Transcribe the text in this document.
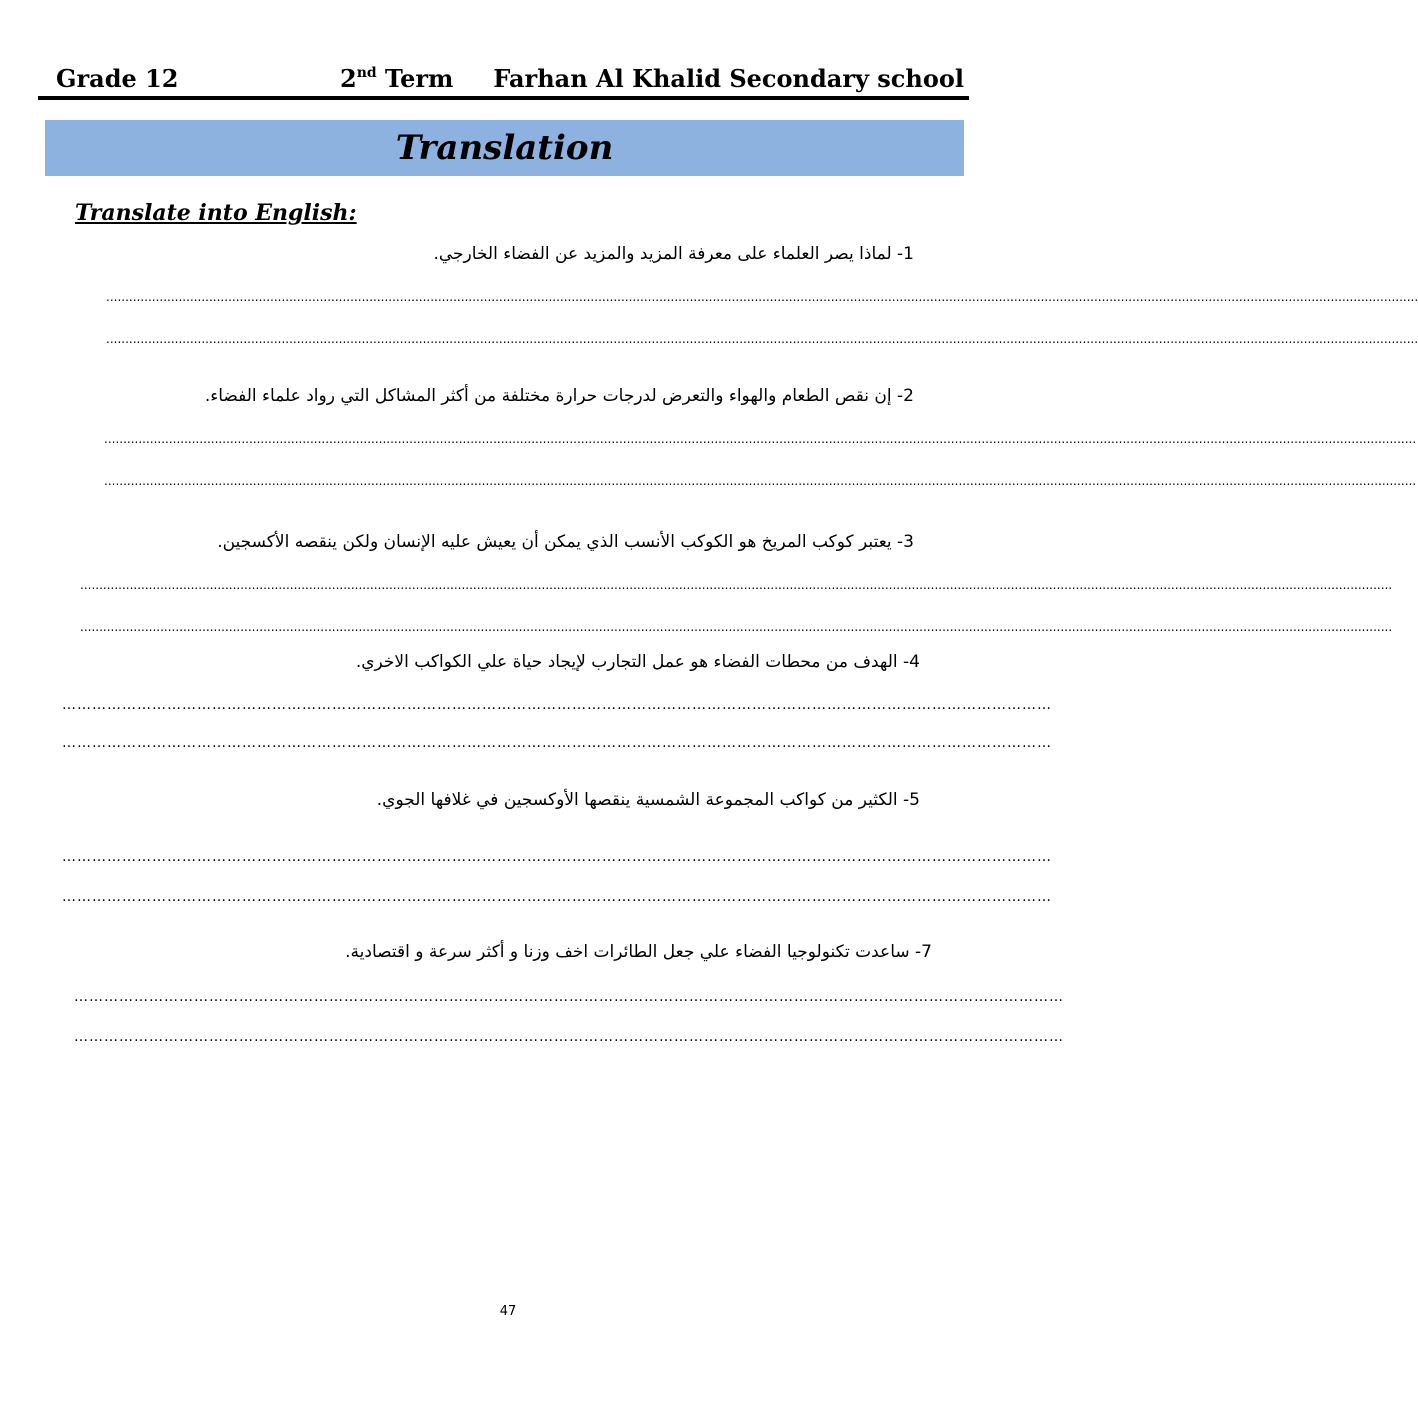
Grade 12	2nd Term Farhan Al Khalid Secondary school
Translation
Translate into English:
1- لماذا يصر العلماء على معرفة المزيد والمزيد عن الفضاء الخارجي.
........................................................................................................................................................................................................................................................................................................................................................
........................................................................................................................................................................................................................................................................................................................................................
2- إن نقص الطعام والهواء والتعرض لدرجات حرارة مختلفة من أكثر المشاكل التي رواد علماء الفضاء.
........................................................................................................................................................................................................................................................................................................................................................
........................................................................................................................................................................................................................................................................................................................................................
3- يعتبر كوكب المريخ هو الكوكب الأنسب الذي يمكن أن يعيش عليه الإنسان ولكن ينقصه الأكسجين.
........................................................................................................................................................................................................................................................................................................................................................
........................................................................................................................................................................................................................................................................................................................................................
4- الهدف من محطات الفضاء هو عمل التجارب لإيجاد حياة علي الكواكب الاخري.
………………………………………………………………………………………………………………………………………………………………………………
………………………………………………………………………………………………………………………………………………………………………………
5- الكثير من كواكب المجموعة الشمسية ينقصها الأوكسجين في غلافها الجوي.
………………………………………………………………………………………………………………………………………………………………………………
………………………………………………………………………………………………………………………………………………………………………………
7- ساعدت تكنولوجيا الفضاء علي جعل الطائرات اخف وزنا و أكثر سرعة و اقتصادية.
………………………………………………………………………………………………………………………………………………………………………………
………………………………………………………………………………………………………………………………………………………………………………
47
